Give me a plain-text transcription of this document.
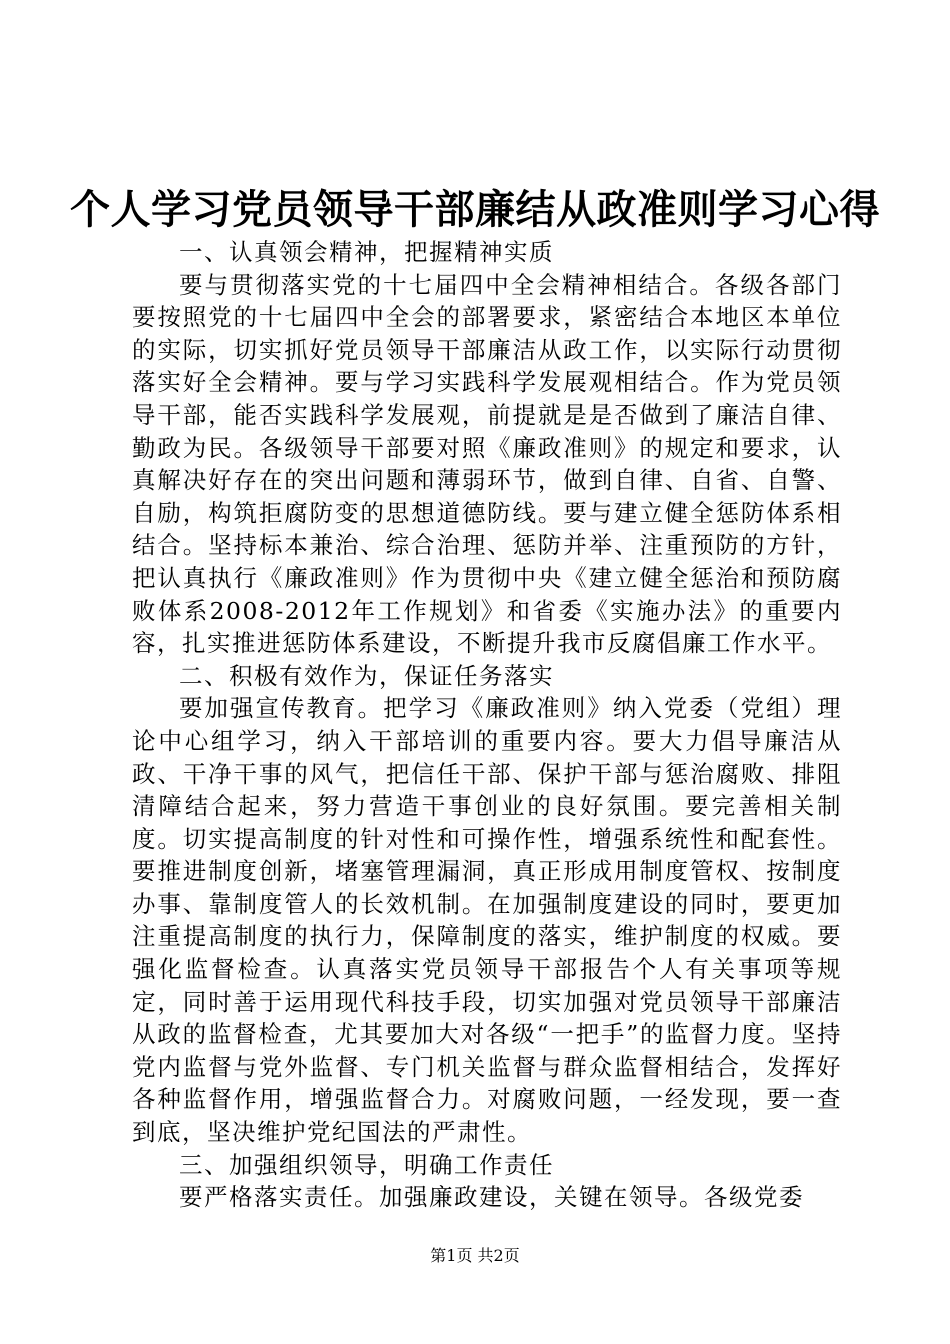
个人学习党员领导干部廉结从政准则学习心得

一、认真领会精神，把握精神实质

要与贯彻落实党的十七届四中全会精神相结合。各级各部门要按照党的十七届四中全会的部署要求，紧密结合本地区本单位的实际，切实抓好党员领导干部廉洁从政工作，以实际行动贯彻落实好全会精神。要与学习实践科学发展观相结合。作为党员领导干部，能否实践科学发展观，前提就是是否做到了廉洁自律、勤政为民。各级领导干部要对照《廉政准则》的规定和要求，认真解决好存在的突出问题和薄弱环节，做到自律、自省、自警、自励，构筑拒腐防变的思想道德防线。要与建立健全惩防体系相结合。坚持标本兼治、综合治理、惩防并举、注重预防的方针，把认真执行《廉政准则》作为贯彻中央《建立健全惩治和预防腐败体系2008-2012年工作规划》和省委《实施办法》的重要内容，扎实推进惩防体系建设，不断提升我市反腐倡廉工作水平。

二、积极有效作为，保证任务落实

要加强宣传教育。把学习《廉政准则》纳入党委（党组）理论中心组学习，纳入干部培训的重要内容。要大力倡导廉洁从政、干净干事的风气，把信任干部、保护干部与惩治腐败、排阻清障结合起来，努力营造干事创业的良好氛围。要完善相关制度。切实提高制度的针对性和可操作性，增强系统性和配套性。要推进制度创新，堵塞管理漏洞，真正形成用制度管权、按制度办事、靠制度管人的长效机制。在加强制度建设的同时，要更加注重提高制度的执行力，保障制度的落实，维护制度的权威。要强化监督检查。认真落实党员领导干部报告个人有关事项等规定，同时善于运用现代科技手段，切实加强对党员领导干部廉洁从政的监督检查，尤其要加大对各级“一把手”的监督力度。坚持党内监督与党外监督、专门机关监督与群众监督相结合，发挥好各种监督作用，增强监督合力。对腐败问题，一经发现，要一查到底，坚决维护党纪国法的严肃性。

三、加强组织领导，明确工作责任

要严格落实责任。加强廉政建设，关键在领导。各级党委

第1页 共2页
